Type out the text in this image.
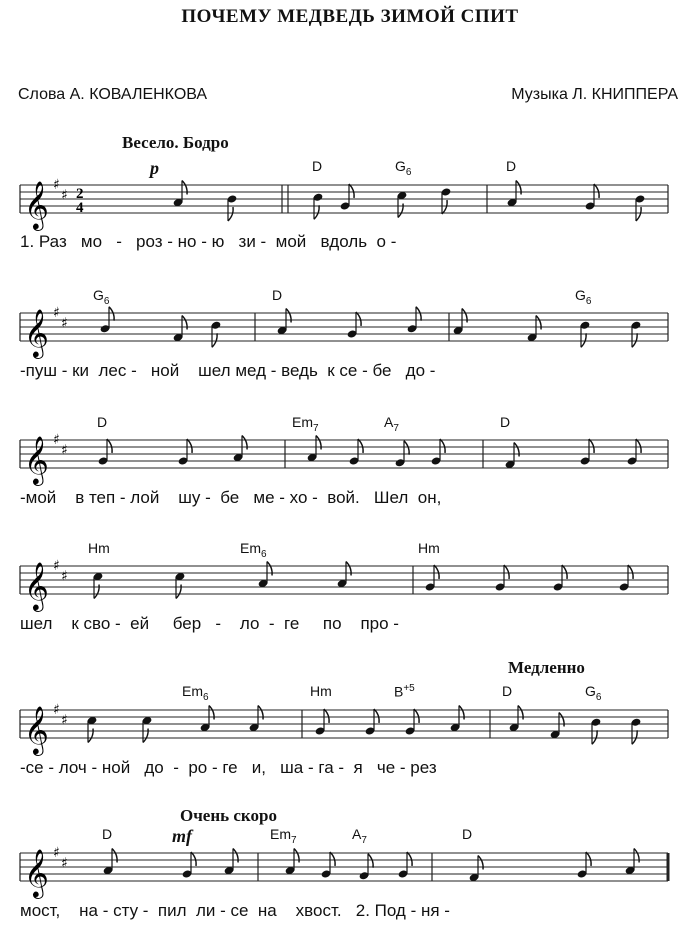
ПОЧЕМУ МЕДВЕДЬ ЗИМОЙ СПИТ
Слова А. КОВАЛЕНКОВА	Музыка Л. КНИППЕРА
Весело. Бодро
Медленно
Очень скоро
p
mf
D	$G_6$	D
$G_6$	D	$G_6$
D	$Em_7$	$A_7$	D
Hm	$Em_6$	Hm
$Em_6$	Hm	$B_{+5}$	D	$G_6$
D	$Em_7$	$A_7$	D
𝄞 ♯
♯ 2
4
𝄞 ♯
♯
𝄞 ♯
♯
𝄞 ♯
♯
𝄞 ♯
♯
𝄞 ♯
♯
1. Раз   мо   -   роз - но - ю   зи -  мой   вдоль  о -
-пуш - ки  лес -   ной    шел мед - ведь  к се - бе   до -
-мой    в теп - лой    шу -  бе   ме - хо -  вой.   Шел  он,
шел    к сво -  ей     бер   -    ло  -  ге     по    про -
-се - лоч - ной   до  -  ро - ге   и,   ша - га -  я   че - рез
мост,    на - сту -  пил  ли - се  на    хвост.   2. Под - ня -
